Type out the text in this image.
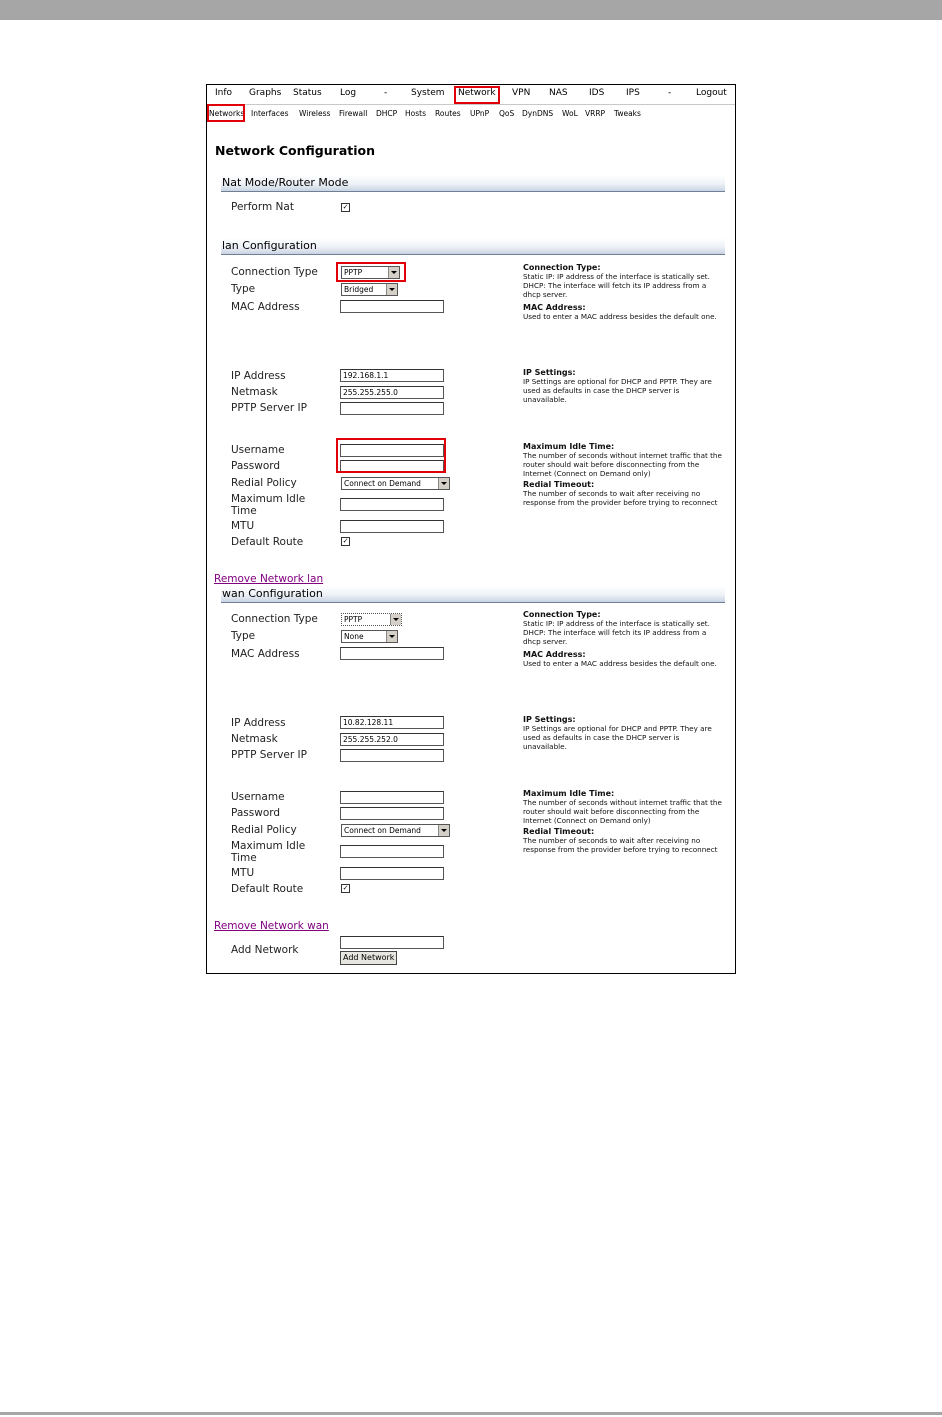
Info Graphs Status Log	-	System Network VPN NAS IDS IPS	-	Logout
Networks Interfaces Wireless Firewall DHCP Hosts Routes UPnP QoS DynDNS WoL VRRP Tweaks
Network Configuration
Nat Mode/Router Mode
Perform Nat	✓
lan Configuration
Connection Type	PPTP
Type	Bridged
MAC Address
Connection Type:
Static IP: IP address of the interface is statically set. DHCP: The interface will fetch its IP address from a dhcp server.
MAC Address:
Used to enter a MAC address besides the default one.
IP Address	192.168.1.1
Netmask	255.255.255.0
PPTP Server IP
IP Settings:
IP Settings are optional for DHCP and PPTP. They are used as defaults in case the DHCP server is unavailable.
Username
Password
Redial Policy	Connect on Demand
Maximum Idle Time
MTU
Default Route	✓
Maximum Idle Time:
The number of seconds without internet traffic that the router should wait before disconnecting from the Internet (Connect on Demand only)
Redial Timeout:
The number of seconds to wait after receiving no response from the provider before trying to reconnect
Remove Network lan
wan Configuration
Connection Type	PPTP
Type	None
MAC Address
Connection Type:
Static IP: IP address of the interface is statically set. DHCP: The interface will fetch its IP address from a dhcp server.
MAC Address:
Used to enter a MAC address besides the default one.
IP Address	10.82.128.11
Netmask	255.255.252.0
PPTP Server IP
IP Settings:
IP Settings are optional for DHCP and PPTP. They are used as defaults in case the DHCP server is unavailable.
Username
Password
Redial Policy	Connect on Demand
Maximum Idle Time
MTU
Default Route	✓
Maximum Idle Time:
The number of seconds without internet traffic that the router should wait before disconnecting from the Internet (Connect on Demand only)
Redial Timeout:
The number of seconds to wait after receiving no response from the provider before trying to reconnect
Remove Network wan
Add Network
Add Network
